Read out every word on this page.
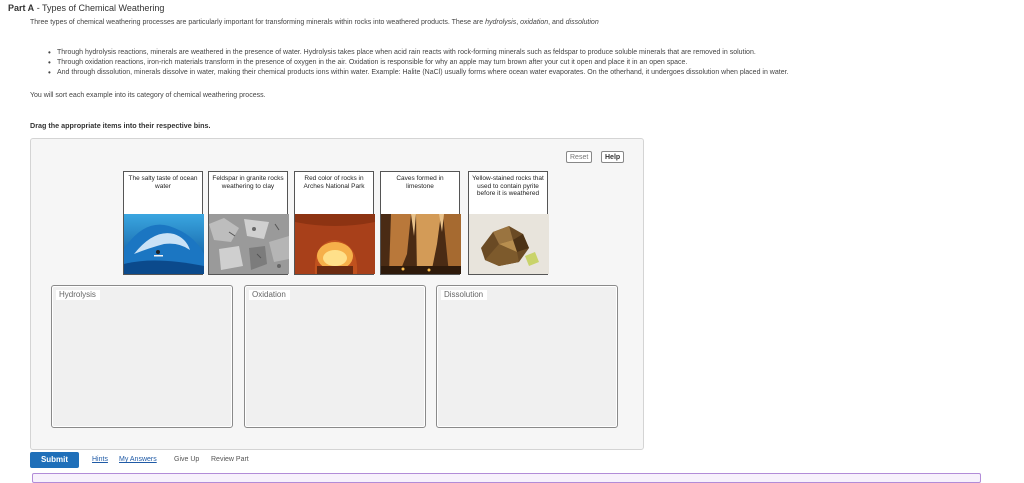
Part A - Types of Chemical Weathering
Three types of chemical weathering processes are particularly important for transforming minerals within rocks into weathered products. These are hydrolysis, oxidation, and dissolution
• Through hydrolysis reactions, minerals are weathered in the presence of water. Hydrolysis takes place when acid rain reacts with rock-forming minerals such as feldspar to produce soluble minerals that are removed in solution.
• Through oxidation reactions, iron-rich materials transform in the presence of oxygen in the air. Oxidation is responsible for why an apple may turn brown after your cut it open and place it in an open space.
• And through dissolution, minerals dissolve in water, making their chemical products ions within water. Example: Halite (NaCl) usually forms where ocean water evaporates. On the otherhand, it undergoes dissolution when placed in water.
You will sort each example into its category of chemical weathering process.
Drag the appropriate items into their respective bins.
Reset	Help
The salty taste of ocean water
Feldspar in granite rocks weathering to clay
Red color of rocks in Arches National Park
Caves formed in limestone
Yellow-stained rocks that used to contain pyrite before it is weathered
Hydrolysis	Oxidation	Dissolution
Submit	Hints My Answers Give Up Review Part
